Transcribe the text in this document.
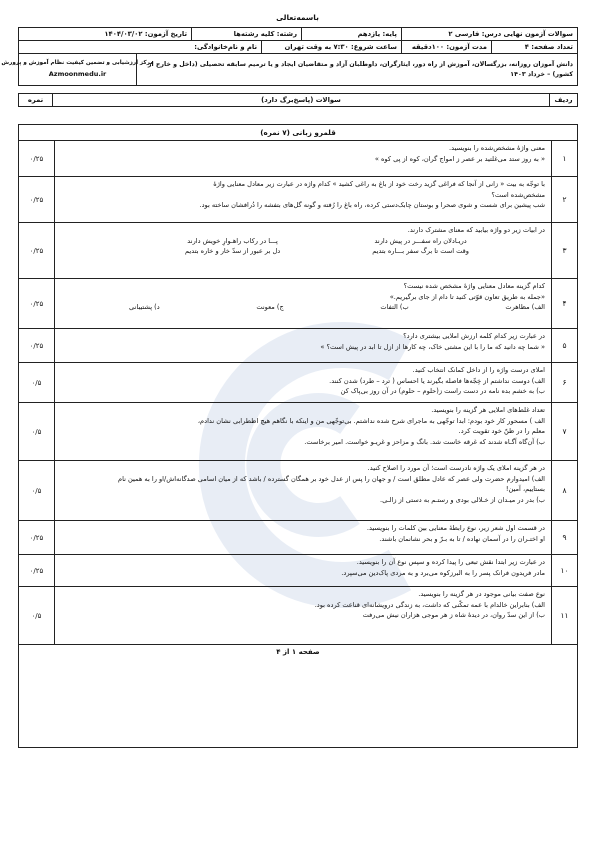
باسمه‌تعالی
سوالات آزمون نهایی درس: فارسی ۲
پایه: یازدهم
رشته: کلیه رشته‌ها
تاریخ آزمون: ۱۴۰۴/۰۳/۰۲
تعداد صفحه: ۴
مدت آزمون: ۱۰۰دقیقه
ساعت شروع: ۷:۳۰ به وقت تهران
نام و نام‌خانوادگی:
دانش آموزان روزانه، بزرگسالان، آموزش از راه دور، ایثارگران، داوطلبان آزاد و متقاضیان ایجاد و یا ترمیم سابقه تحصیلی (داخل و خارج از کشور) – خرداد ۱۴۰۳
مرکز ارزشیابی و تضمین کیفیت نظام آموزش و پرورش
Azmoonmedu.ir
ردیف
سوالات (پاسخ‌برگ دارد)
نمره
قلمرو زبانی (۷ نمره)
۱
معنی واژهٔ مشخص‌شده را بنویسید.
« به روز ستد می‌غلتید بر عصر ز امواج گران، کوه از پی کوه »
۰/۲۵
۲
با توجّه به بیت « زانی از آنجا که فراغی گزید رخت خود از باغ به راغی کشید » کدام واژه در عبارت زیر معادل معنایی واژهٔ
مشخص‌شده است؟
شب پیشین برای شست و شوی صحرا و بوستان چابک‌دستی کرده، راه باغ را رُفته و گونه گل‌های بتفشه را دُرافشان ساخته بود.
۰/۲۵
۳
در ابیات زیر دو واژه بیابید که معنای مشترک دارند.
دریـادلان راه سفـــر در پیش دارند
پـــا در رکاب راهـوارِ خویش دارند
وقت است تا برگ سفر بـــاره بتدیم
دل بر عبور از سدّ خار و خاره بتدیم
۰/۲۵
۴
کدام گزینه معادل معنایی واژهٔ مشخص شده نیست؟
«جمله به طریق تعاون قوّتی کنید تا دام از جای برگیریم.»
الف) مظاهرت
ب) التفات
ج) معونت
د) پشتیبانی
۰/۲۵
۵
در عبارت زیر کدام کلمه ارزش املایی بیشتری دارد؟
« شما چه دانید که ما را با این مشتی خاک، چه کارها از ازل تا ابد در پیش است؟ »
۰/۲۵
۶
املای درست واژه را از داخل کمانک انتخاب کنید.
الف) دوست نداشتم از خِجّه‌ها فاصله بگیرند یا احساس ( ترد – طرد) شدن کنند.
ب) به خشم بده نامه در دست راست ز(حلوم – حلوم) در آن روز بی‌پاک کن
۰/۵
۷
تعداد غلط‌های املایی هر گزینه را بنویسید.
الف ) مسحور کار خود بودم: ابدا توجّهی به ماجرای شرح شده نداشتم. بی‌توجّهی من و اینکه با نگاهم هیچ اظطرابی نشان ندادم،
معلم را در ظنّ خود تقویت کرد.
ب) آن‌گاه آگـاه شدند که غرقه خاست شد. بانگ و مزاحز و غریـو خواست. امیر برخاست.
۰/۵
۸
در هر گزینه املای یک واژه نادرست است؛ آن مورد را اصلاح کنید.
الف) امیدوارم حضرت ولی عصر که عادل مطلق است / و جهان را پس از عدل خود بر همگان گسترده / باشد که از میان اسامی صدگانه‌اش/او را به همین نام
بستاییم، آمین!
ب) بدر در میـدان از خـلالی بودی و رستـم به دستی از زالـی.
۰/۵
۹
در قسمت اول شعر زیر، نوع رابطهٔ معنایی بین کلمات را بنویسید.
او اختـران را در آسمان نهاده / تا به بـرّ و بحر نشانمان باشند.
۰/۲۵
۱۰
در عبارت زیر ابتدا نقش تبعی را پیدا کرده و سپس نوع آن را بنویسید.
مادر فریدون فرانک پسر را به البرزکوه می‌برد و به مردی پاک‌دین می‌سپرد.
۰/۲۵
۱۱
نوع صفت بیانی موجود در هر گزینه را بنویسید.
الف) بنابراین خالدام با عمه تمکّنی که داشت، به زندگی درویشانه‌ای قناعت کرده بود.
ب) از این سدّ روان، در دیدهٔ شاه ز هر موجی هزاران نیش می‌رفت
۰/۵
صفحه ۱ از ۴
